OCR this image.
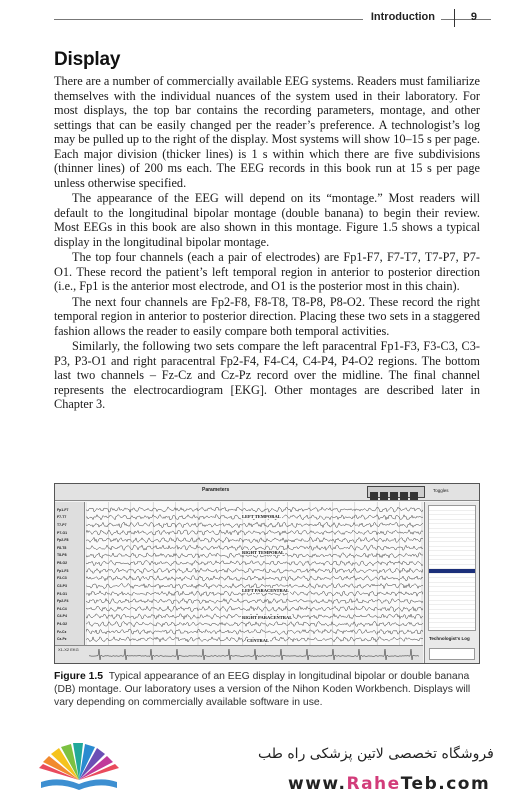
Introduction	9
Display

There are a number of commercially available EEG systems. Readers must familiarize themselves with the individual nuances of the system used in their laboratory. For most displays, the top bar contains the recording parameters, montage, and other settings that can be easily changed per the reader’s preference. A technologist’s log may be pulled up to the right of the display. Most systems will show 10–15 s per page. Each major division (thicker lines) is 1 s within which there are five subdivisions (thinner lines) of 200 ms each. The EEG records in this book run at 15 s per page unless otherwise specified.

The appearance of the EEG will depend on its “montage.” Most readers will default to the longitudinal bipolar montage (double banana) to begin their review. Most EEGs in this book are also shown in this montage. Figure 1.5 shows a typical display in the longitudinal bipolar montage.

The top four channels (each a pair of electrodes) are Fp1-F7, F7-T7, T7-P7, P7-O1. These record the patient’s left temporal region in anterior to posterior direction (i.e., Fp1 is the anterior most electrode, and O1 is the posterior most in this chain).

The next four channels are Fp2-F8, F8-T8, T8-P8, P8-O2. These record the right temporal region in anterior to posterior direction. Placing these two sets in a staggered fashion allows the reader to easily compare both temporal activities.

Similarly, the following two sets compare the left paracentral Fp1-F3, F3-C3, C3-P3, P3-O1 and right paracentral Fp2-F4, F4-C4, C4-P4, P4-O2 regions. The bottom last two channels – Fz-Cz and Cz-Pz record over the midline. The final channel represents the electrocardiogram [EKG]. Other montages are described later in Chapter 3.

Parameters	Toggles
Fp1-F7
F7-T7
T7-P7
P7-O1
Fp2-F8
F8-T8
T8-P8
P8-O2
Fp1-F3
F3-C3
C3-P3
P3-O1
Fp2-F4
F4-C4
C4-P4
P4-O2
Fz-Cz
Cz-Pz
LEFT TEMPORAL
RIGHT TEMPORAL
LEFT PARACENTRAL
RIGHT PARACENTRAL
CENTRAL	Technologist's Log
X1-X2 EKG
Figure 1.5 Typical appearance of an EEG display in longitudinal bipolar or double banana (DB) montage. Our laboratory uses a version of the Nihon Koden Workbench. Displays will vary depending on commercially available software in use.
فروشگاه تخصصی لاتین پزشکی راه طب
www.RaheTeb.com
